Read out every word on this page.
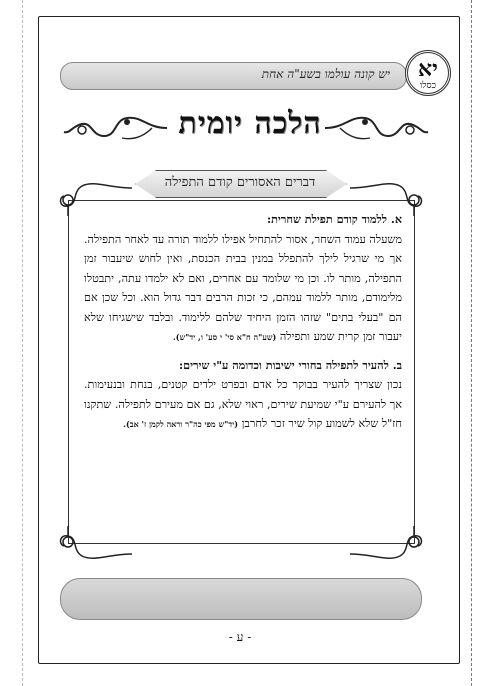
יש קונה עולמו בשע"ה אחת	יא
כסלו
הלכה יומית
דברים האסורים קודם התפילה

א. ללמוד קודם תפילת שחרית:
משעלה עמוד השחר, אסור להתחיל אפילו ללמוד תורה עד לאחר התפילה. אך מי שרגיל לילך להתפלל במנין בבית הכנסת, ואין לחוש שיעבור זמן התפילה, מותר לו. וכן מי שלומד עם אחרים, ואם לא ילמדו עתה, יתבטלו מלימודם, מותר ללמוד עמהם, כי זכות הרבים דבר גדול הוא. וכל שכן אם הם "בעלי בתים" שזהו הזמן היחיד שלהם ללימוד. ובלבד שישגיחו שלא יעבור זמן קרית שמע ותפילה (שע"ה ח"א סי' י סע' ו, יד"ש).

ב. להעיר לתפילה בחורי ישיבות וכדומה ע"י שירים:
נכון שצריך להעיר בבוקר כל אדם ובפרט ילדים קטנים, בנחת ובנעימות. אך להעירם ע"י שמיעת שירים, ראוי שלא, גם אם מעירם לתפילה. שתקנו חז"ל שלא לשמוע קול שיר זכר לחרבן (יד"ש מפי כה"ר וראה לקמן ז' אב).

- ע -
